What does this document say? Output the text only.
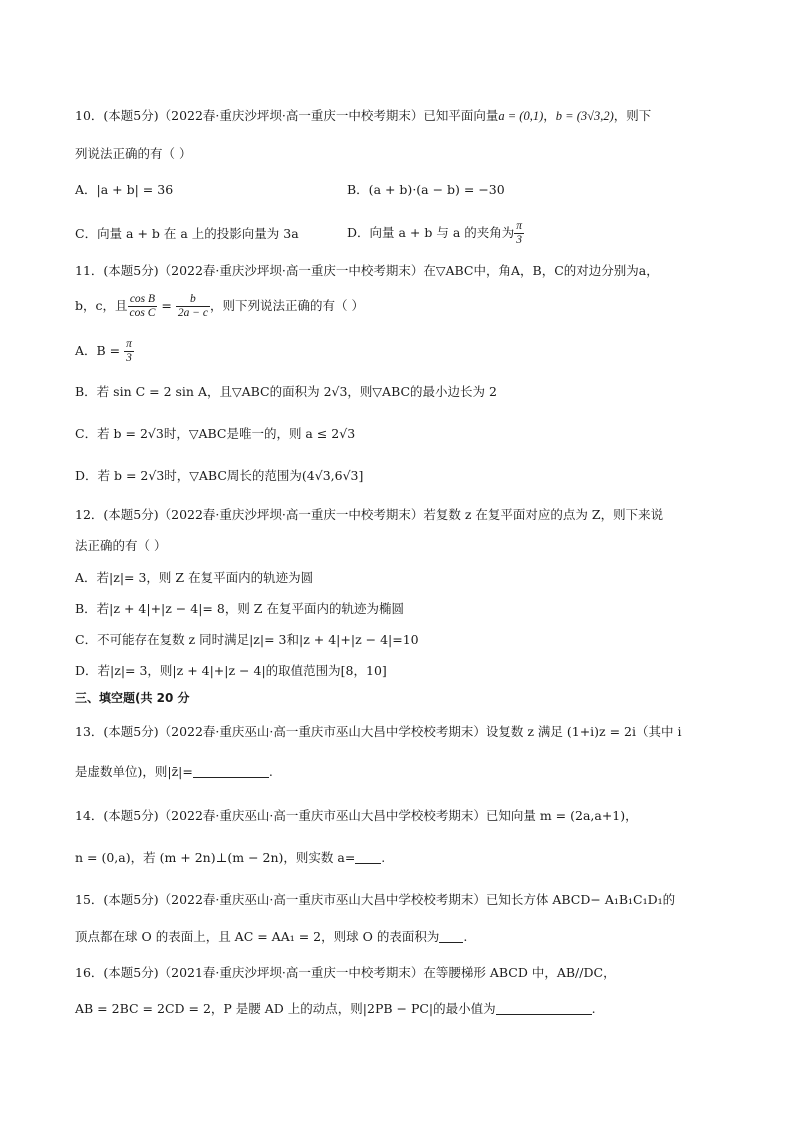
10．(本题5分)（2022春·重庆沙坪坝·高一重庆一中校考期末）已知平面向量a = (0,1)，b = (3√3,2)，则下
列说法正确的有（ ）
A．|a + b| = 36	B．(a + b)·(a − b) = −30
C．向量 a + b 在 a 上的投影向量为 3a	D．向量 a + b 与 a 的夹角为 $\frac{\pi}{3}$
11．(本题5分)（2022春·重庆沙坪坝·高一重庆一中校考期末）在▽ABC中，角A，B，C的对边分别为a，
b，c，且 $\frac{\text{cos B}}{\text{cos C}} = \frac{b}{2a - c}$ ，则下列说法正确的有（ ）
A．$B = \frac{\pi}{3}$
B．若 sin C = 2 sin A，且▽ABC的面积为 2√3，则▽ABC的最小边长为 2
C．若 b = 2√3时，▽ABC是唯一的，则 a ≤ 2√3
D．若 b = 2√3时，▽ABC周长的范围为(4√3,6√3]
12．(本题5分)（2022春·重庆沙坪坝·高一重庆一中校考期末）若复数 z 在复平面对应的点为 Z，则下来说
法正确的有（ ）
A．若|z|= 3，则 Z 在复平面内的轨迹为圆
B．若|z + 4|+|z − 4|= 8，则 Z 在复平面内的轨迹为椭圆
C．不可能存在复数 z 同时满足|z|= 3和|z + 4|+|z − 4|=10
D．若|z|= 3，则|z + 4|+|z − 4|的取值范围为[8，10]
三、填空题(共 20 分
13．(本题5分)（2022春·重庆巫山·高一重庆市巫山大昌中学校校考期末）设复数 z 满足 (1+i)z = 2i（其中 i
是虚数单位)，则|z̄|=	.
14．(本题5分)（2022春·重庆巫山·高一重庆市巫山大昌中学校校考期末）已知向量 m = (2a,a+1)，
n = (0,a)，若 (m + 2n)⊥(m − 2n)，则实数 a= .
15．(本题5分)（2022春·重庆巫山·高一重庆市巫山大昌中学校校考期末）已知长方体 ABCD− A₁B₁C₁D₁的
顶点都在球 O 的表面上，且 AC = AA₁ = 2，则球 O 的表面积为 .
16．(本题5分)（2021春·重庆沙坪坝·高一重庆一中校考期末）在等腰梯形 ABCD 中，AB//DC，
AB = 2BC = 2CD = 2，P 是腰 AD 上的动点，则|2PB − PC|的最小值为	.
